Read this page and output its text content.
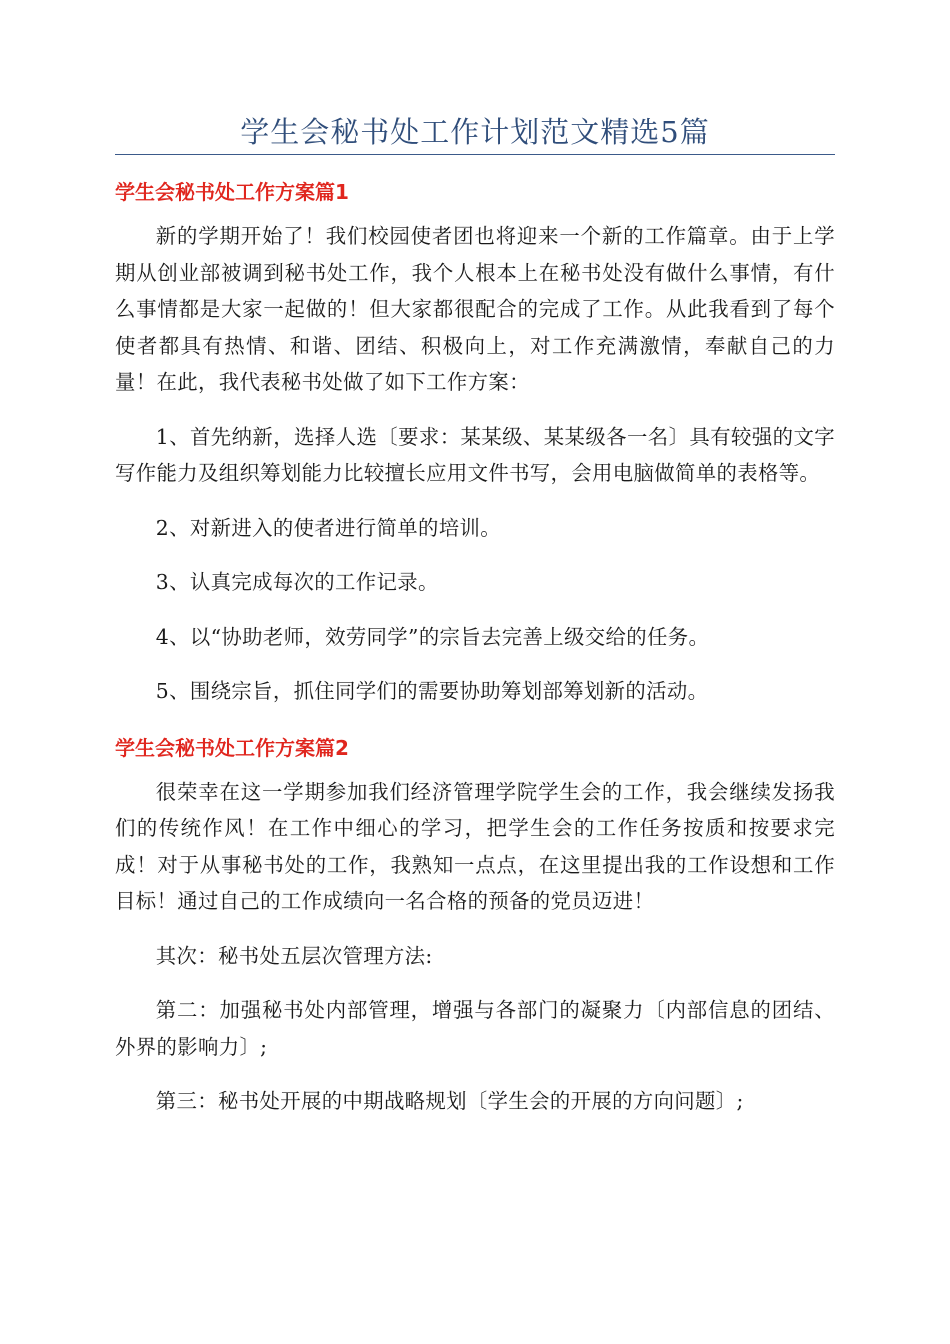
学生会秘书处工作计划范文精选5篇
学生会秘书处工作方案篇1

新的学期开始了！我们校园使者团也将迎来一个新的工作篇章。由于上学期从创业部被调到秘书处工作，我个人根本上在秘书处没有做什么事情，有什么事情都是大家一起做的！但大家都很配合的完成了工作。从此我看到了每个使者都具有热情、和谐、团结、积极向上，对工作充满激情，奉献自己的力量！在此，我代表秘书处做了如下工作方案：

1、首先纳新，选择人选〔要求：某某级、某某级各一名〕具有较强的文字写作能力及组织筹划能力比较擅长应用文件书写，会用电脑做简单的表格等。

2、对新进入的使者进行简单的培训。

3、认真完成每次的工作记录。

4、以“协助老师，效劳同学”的宗旨去完善上级交给的任务。

5、围绕宗旨，抓住同学们的需要协助筹划部筹划新的活动。

学生会秘书处工作方案篇2

很荣幸在这一学期参加我们经济管理学院学生会的工作，我会继续发扬我们的传统作风！在工作中细心的学习，把学生会的工作任务按质和按要求完成！对于从事秘书处的工作，我熟知一点点，在这里提出我的工作设想和工作目标！通过自己的工作成绩向一名合格的预备的党员迈进！

其次：秘书处五层次管理方法:

第二：加强秘书处内部管理，增强与各部门的凝聚力〔内部信息的团结、外界的影响力〕;

第三：秘书处开展的中期战略规划〔学生会的开展的方向问题〕;
